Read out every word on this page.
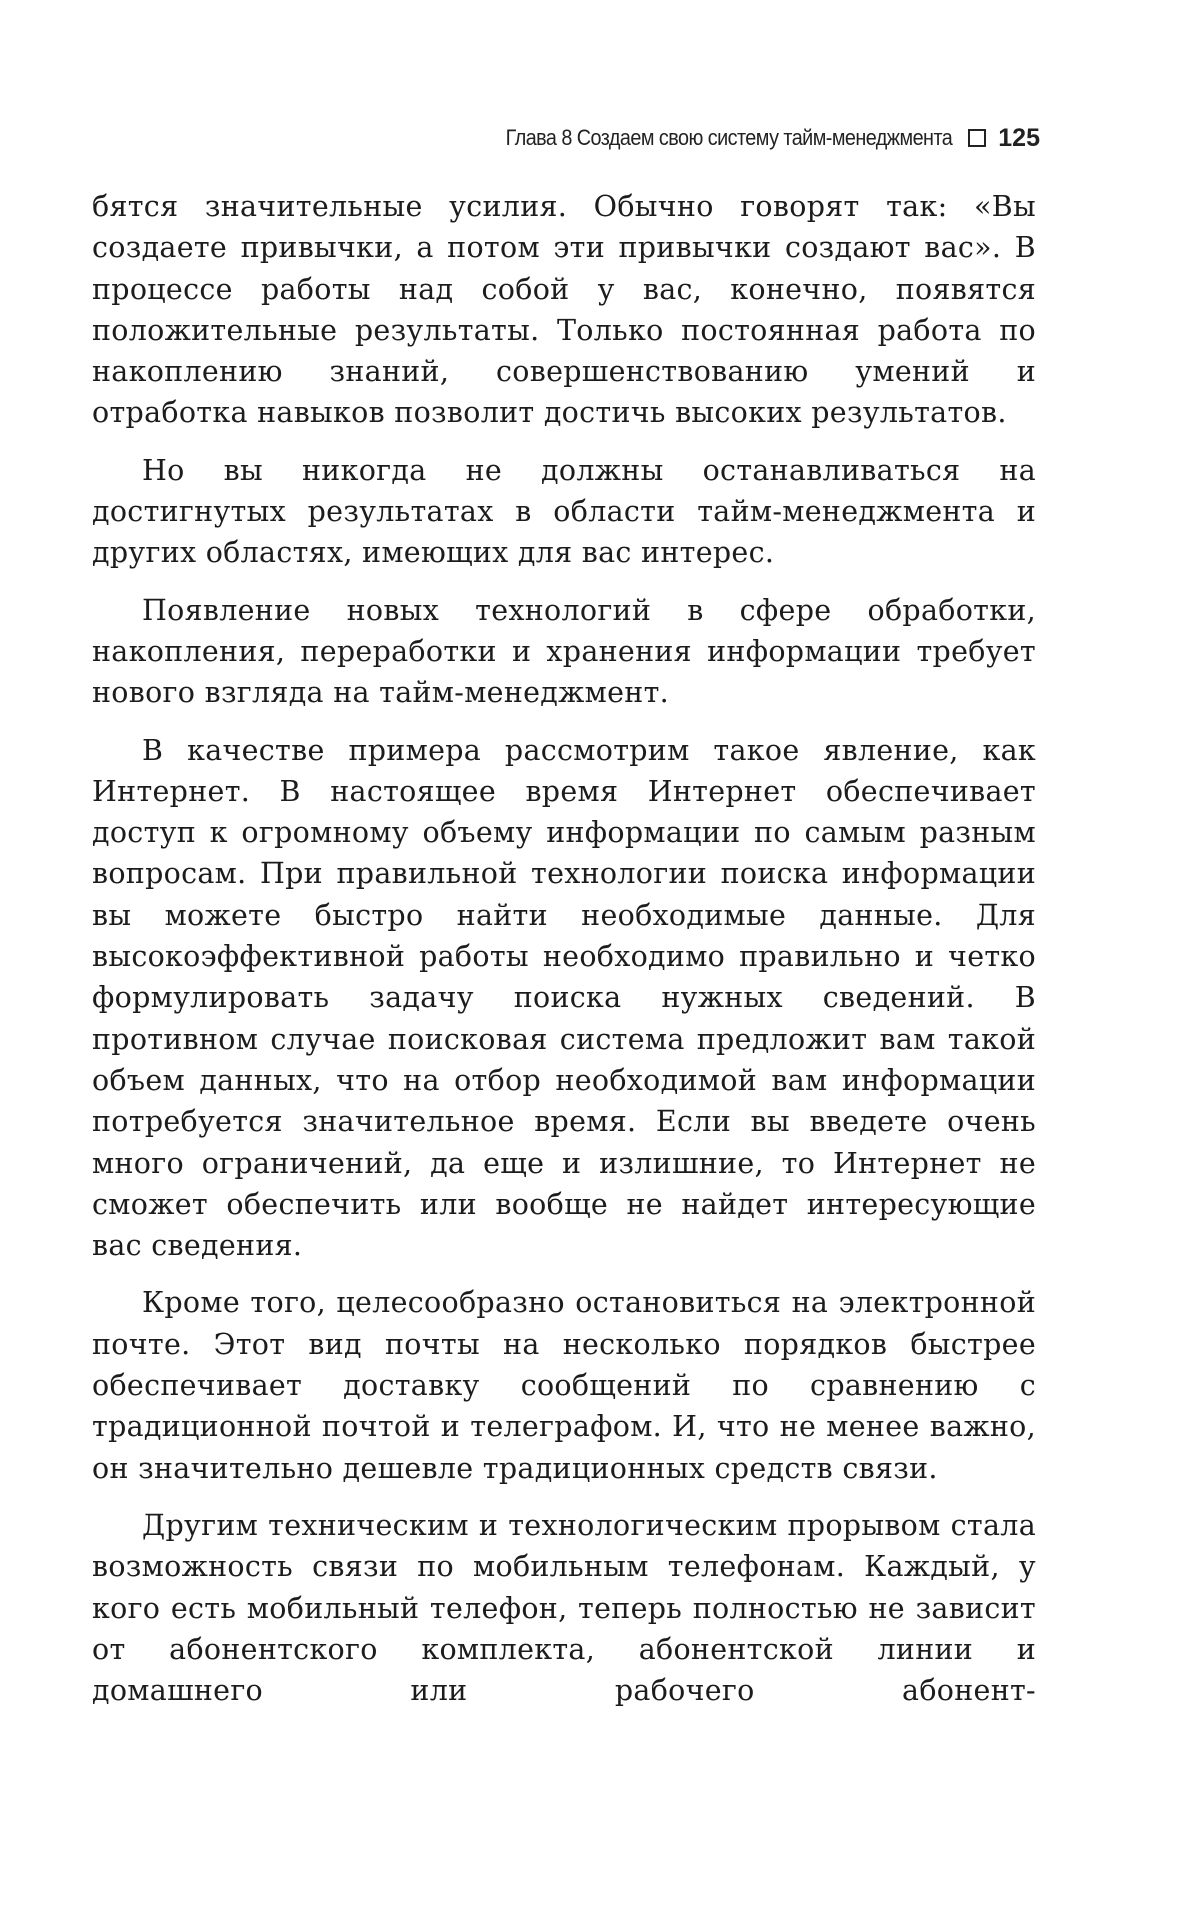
Глава 8 Создаем свою систему тайм-менеджмента 125

бятся значительные усилия. Обычно говорят так: «Вы создаете привычки, а потом эти привычки создают вас». В процессе работы над собой у вас, конечно, появятся положительные результаты. Только постоянная работа по накоплению знаний, совершенствованию умений и отработка навыков позволит достичь высоких результатов.

Но вы никогда не должны останавливаться на достигнутых результатах в области тайм-менеджмента и других областях, имеющих для вас интерес.

Появление новых технологий в сфере обработки, накопления, переработки и хранения информации требует нового взгляда на тайм-менеджмент.

В качестве примера рассмотрим такое явление, как Интернет. В настоящее время Интернет обеспечивает доступ к огромному объему информации по самым разным вопросам. При правильной технологии поиска информации вы можете быстро найти необходимые данные. Для высокоэффективной работы необходимо правильно и четко формулировать задачу поиска нужных сведений. В противном случае поисковая система предложит вам такой объем данных, что на отбор необходимой вам информации потребуется значительное время. Если вы введете очень много ограничений, да еще и излишние, то Интернет не сможет обеспечить или вообще не найдет интересующие вас сведения.

Кроме того, целесообразно остановиться на электронной почте. Этот вид почты на несколько порядков быстрее обеспечивает доставку сообщений по сравнению с традиционной почтой и телеграфом. И, что не менее важно, он значительно дешевле традиционных средств связи.

Другим техническим и технологическим прорывом стала возможность связи по мобильным телефонам. Каждый, у кого есть мобильный телефон, теперь полностью не зависит от абонентского комплекта, абонентской линии и домашнего или рабочего абонент-
